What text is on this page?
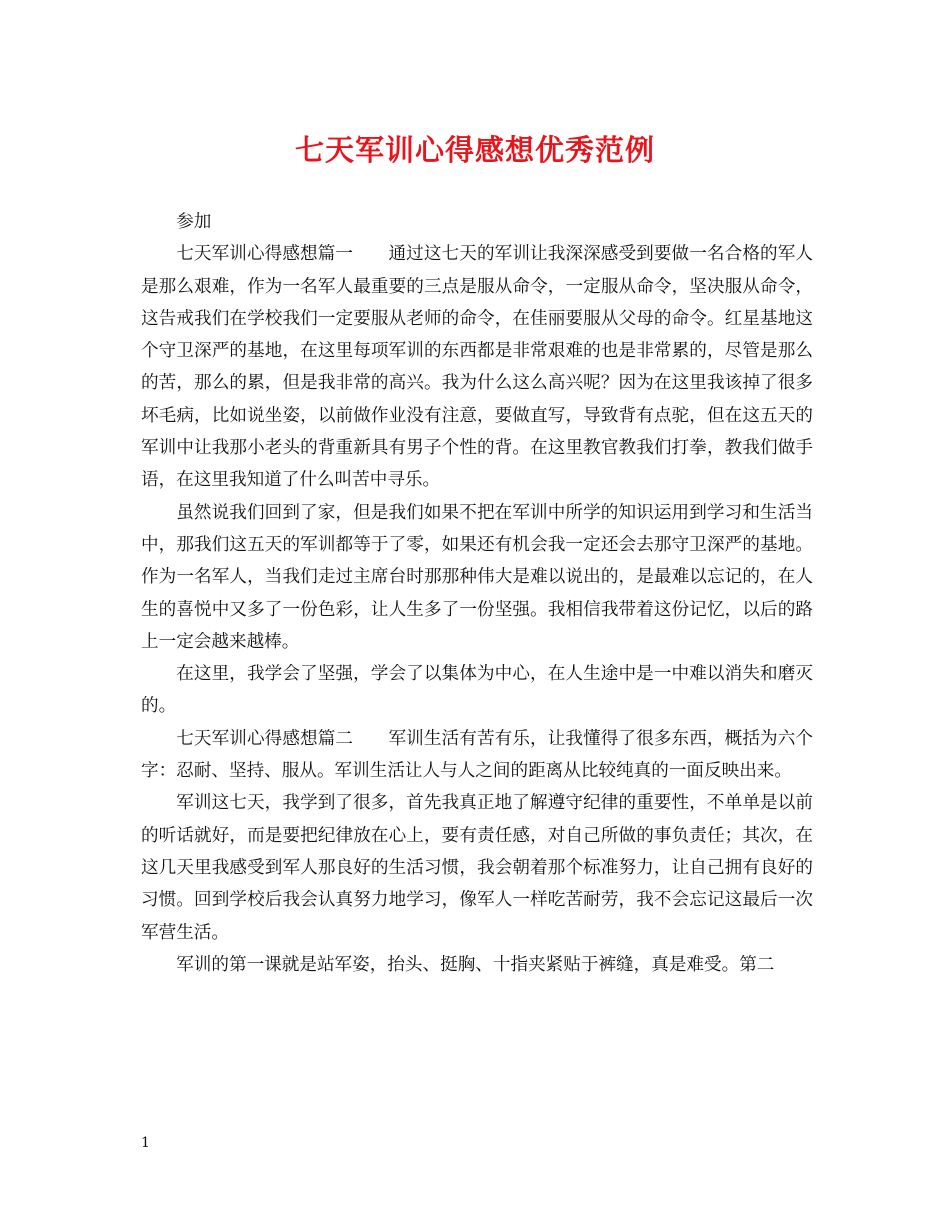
七天军训心得感想优秀范例

参加

七天军训心得感想篇一　　通过这七天的军训让我深深感受到要做一名合格的军人是那么艰难，作为一名军人最重要的三点是服从命令，一定服从命令，坚决服从命令，这告戒我们在学校我们一定要服从老师的命令，在佳丽要服从父母的命令。红星基地这个守卫深严的基地，在这里每项军训的东西都是非常艰难的也是非常累的，尽管是那么的苦，那么的累，但是我非常的高兴。我为什么这么高兴呢？因为在这里我该掉了很多坏毛病，比如说坐姿，以前做作业没有注意，要做直写，导致背有点驼，但在这五天的军训中让我那小老头的背重新具有男子个性的背。在这里教官教我们打拳，教我们做手语，在这里我知道了什么叫苦中寻乐。

虽然说我们回到了家，但是我们如果不把在军训中所学的知识运用到学习和生活当中，那我们这五天的军训都等于了零，如果还有机会我一定还会去那守卫深严的基地。作为一名军人，当我们走过主席台时那那种伟大是难以说出的，是最难以忘记的，在人生的喜悦中又多了一份色彩，让人生多了一份坚强。我相信我带着这份记忆，以后的路上一定会越来越棒。

在这里，我学会了坚强，学会了以集体为中心，在人生途中是一中难以消失和磨灭的。

七天军训心得感想篇二　　军训生活有苦有乐，让我懂得了很多东西，概括为六个字：忍耐、坚持、服从。军训生活让人与人之间的距离从比较纯真的一面反映出来。

军训这七天，我学到了很多，首先我真正地了解遵守纪律的重要性，不单单是以前的听话就好，而是要把纪律放在心上，要有责任感，对自己所做的事负责任；其次，在这几天里我感受到军人那良好的生活习惯，我会朝着那个标准努力，让自己拥有良好的习惯。回到学校后我会认真努力地学习，像军人一样吃苦耐劳，我不会忘记这最后一次军营生活。

军训的第一课就是站军姿，抬头、挺胸、十指夹紧贴于裤缝，真是难受。第二

1
